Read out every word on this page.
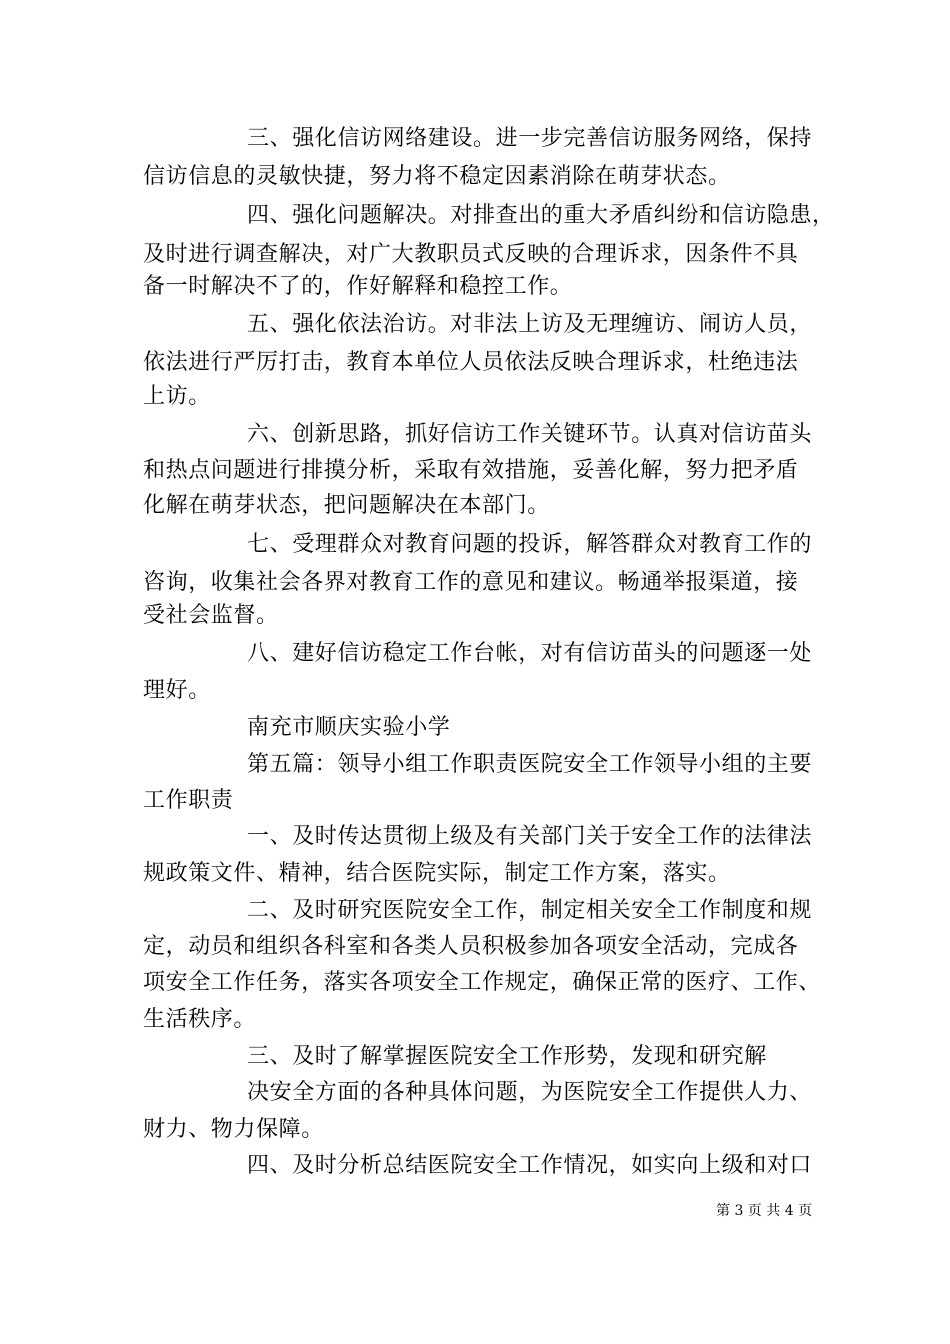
三、强化信访网络建设。进一步完善信访服务网络，保持
信访信息的灵敏快捷，努力将不稳定因素消除在萌芽状态。
四、强化问题解决。对排查出的重大矛盾纠纷和信访隐患，
及时进行调查解决，对广大教职员式反映的合理诉求，因条件不具
备一时解决不了的，作好解释和稳控工作。
五、强化依法治访。对非法上访及无理缠访、闹访人员，
依法进行严厉打击，教育本单位人员依法反映合理诉求，杜绝违法
上访。
六、创新思路，抓好信访工作关键环节。认真对信访苗头
和热点问题进行排摸分析，采取有效措施，妥善化解，努力把矛盾
化解在萌芽状态，把问题解决在本部门。
七、受理群众对教育问题的投诉，解答群众对教育工作的
咨询，收集社会各界对教育工作的意见和建议。畅通举报渠道，接
受社会监督。
八、建好信访稳定工作台帐，对有信访苗头的问题逐一处
理好。
南充市顺庆实验小学
第五篇：领导小组工作职责医院安全工作领导小组的主要
工作职责
一、及时传达贯彻上级及有关部门关于安全工作的法律法
规政策文件、精神，结合医院实际，制定工作方案，落实。
二、及时研究医院安全工作，制定相关安全工作制度和规
定，动员和组织各科室和各类人员积极参加各项安全活动，完成各
项安全工作任务，落实各项安全工作规定，确保正常的医疗、工作、
生活秩序。
三、及时了解掌握医院安全工作形势，发现和研究解
决安全方面的各种具体问题，为医院安全工作提供人力、
财力、物力保障。
四、及时分析总结医院安全工作情况，如实向上级和对口
第 3 页 共 4 页
